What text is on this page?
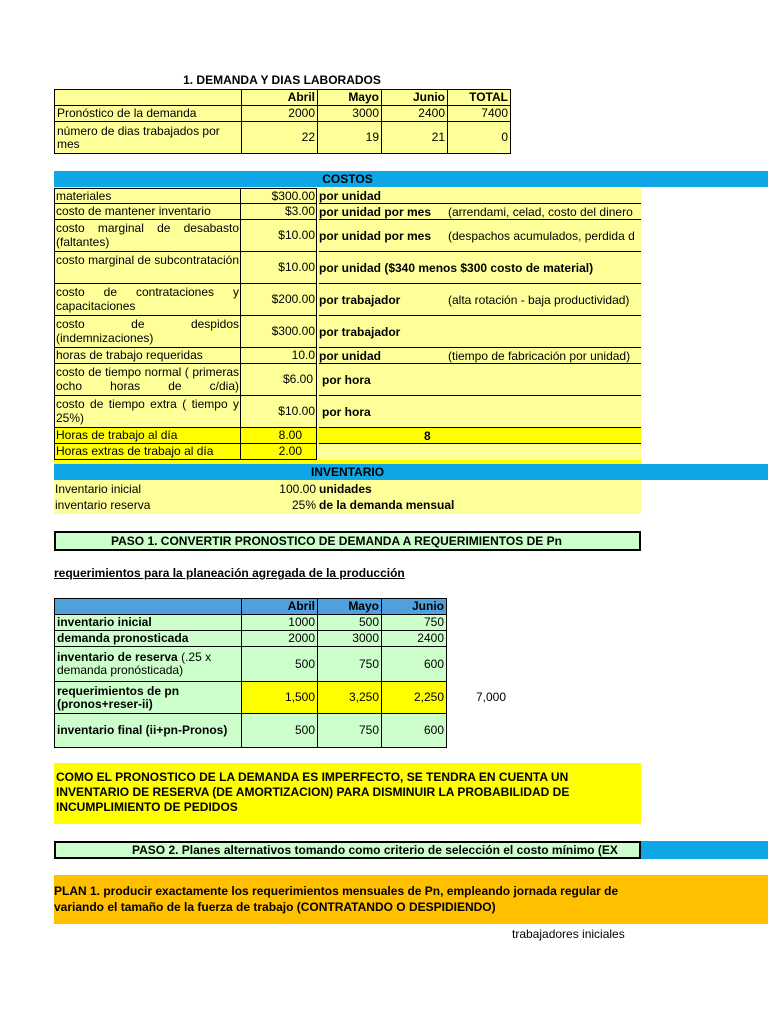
1. DEMANDA Y DIAS LABORADOS
	Abril	Mayo	Junio	TOTAL
Pronóstico de la demanda	2000	3000	2400	7400
número de dias trabajados por mes	22	19	21	0
COSTOS
materiales	$300.00 por unidad
costo de mantener inventario	$3.00 por unidad por mes	(arrendami, celad, costo del dinero
costo marginal de desabasto (faltantes)	$10.00 por unidad por mes	(despachos acumulados, perdida d
costo marginal de subcontratación	$10.00 por unidad ($340 menos $300 costo de material)
costo de contrataciones y capacitaciones	$200.00 por trabajador	(alta rotación - baja productividad)
costo de despidos (indemnizaciones)	$300.00 por trabajador
horas de trabajo requeridas	10.0 por unidad	(tiempo de fabricación por unidad)
costo de tiempo normal ( primeras ocho horas de c/dia)	$6.00 por hora
costo de tiempo extra ( tiempo y 25%)	$10.00 por hora
Horas de trabajo al día	8.00	8
Horas extras de trabajo al día	2.00
INVENTARIO
Inventario inicial	100.00 unidades
inventario reserva	25% de la demanda mensual
PASO 1. CONVERTIR PRONOSTICO DE DEMANDA A REQUERIMIENTOS DE Pn
requerimientos para la planeación agregada de la producción
	Abril	Mayo	Junio
inventario inicial	1000	500	750
demanda pronosticada	2000	3000	2400
inventario de reserva (.25 x demanda pronósticada)	500	750	600
requerimientos de pn (pronos+reser-ii)	1,500	3,250	2,250
inventario final (ii+pn-Pronos)	500	750	600
7,000
COMO EL PRONOSTICO DE LA DEMANDA ES IMPERFECTO, SE TENDRA EN CUENTA UN INVENTARIO DE RESERVA (DE AMORTIZACION) PARA DISMINUIR LA PROBABILIDAD DE INCUMPLIMIENTO DE PEDIDOS
PASO 2. Planes alternativos tomando como criterio de selección el costo mínimo (EX
PLAN 1. producir exactamente los requerimientos mensuales de Pn, empleando jornada regular de
variando el tamaño de la fuerza de trabajo (CONTRATANDO O DESPIDIENDO)
trabajadores iniciales
